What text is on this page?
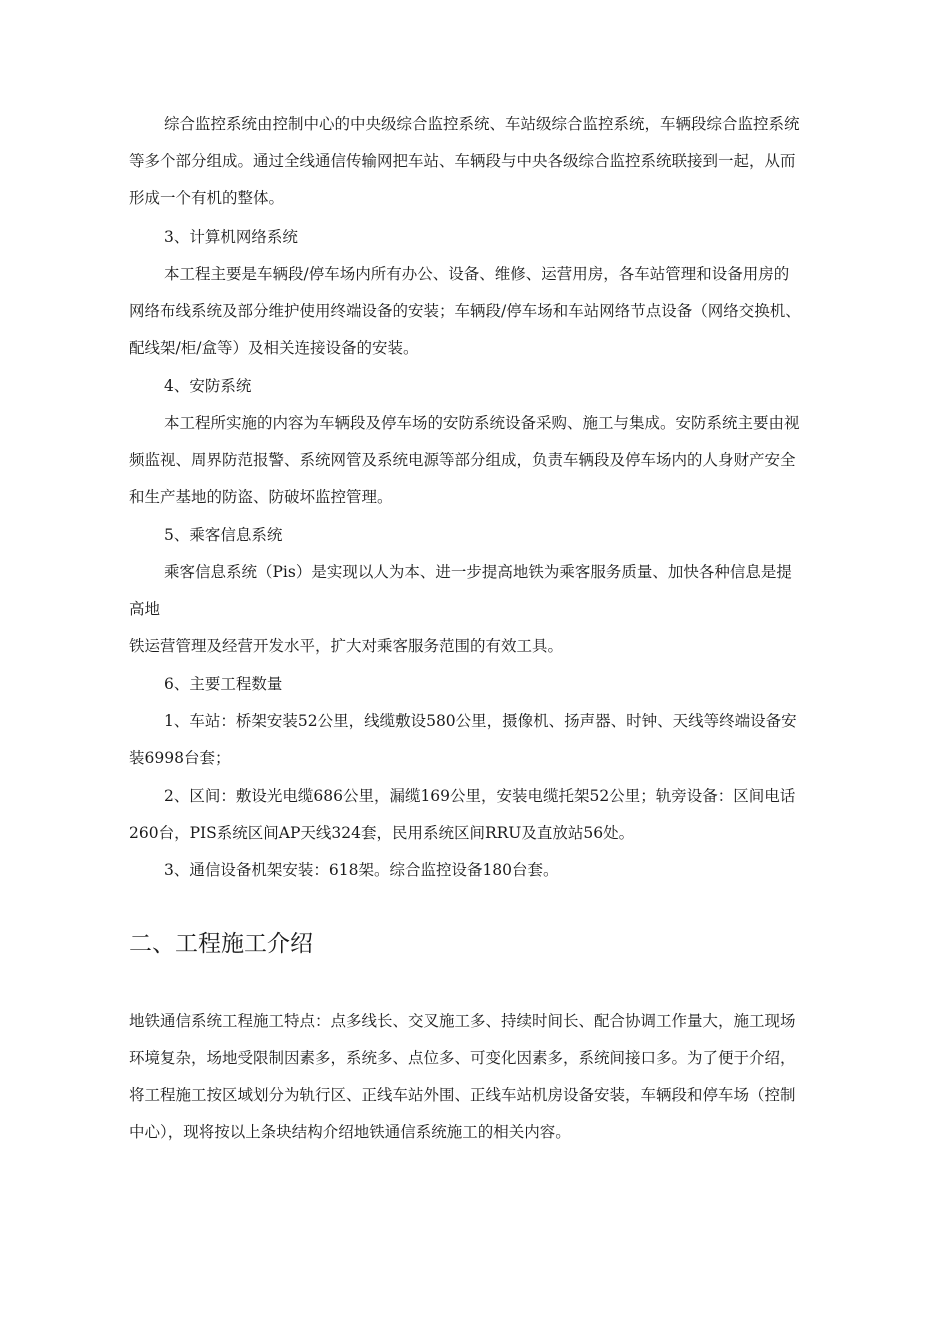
综合监控系统由控制中心的中央级综合监控系统、车站级综合监控系统，车辆段综合监控系统

等多个部分组成。通过全线通信传输网把车站、车辆段与中央各级综合监控系统联接到一起，从而

形成一个有机的整体。

3、计算机网络系统

本工程主要是车辆段/停车场内所有办公、设备、维修、运营用房，各车站管理和设备用房的

网络布线系统及部分维护使用终端设备的安装；车辆段/停车场和车站网络节点设备（网络交换机、

配线架/柜/盒等）及相关连接设备的安装。

4、安防系统

本工程所实施的内容为车辆段及停车场的安防系统设备采购、施工与集成。安防系统主要由视

频监视、周界防范报警、系统网管及系统电源等部分组成，负责车辆段及停车场内的人身财产安全

和生产基地的防盗、防破坏监控管理。

5、乘客信息系统

乘客信息系统（Pis）是实现以人为本、进一步提高地铁为乘客服务质量、加快各种信息是提

高地

铁运营管理及经营开发水平，扩大对乘客服务范围的有效工具。

6、主要工程数量

1、车站：桥架安装52公里，线缆敷设580公里，摄像机、扬声器、时钟、天线等终端设备安

装6998台套；

2、区间：敷设光电缆686公里，漏缆169公里，安装电缆托架52公里；轨旁设备：区间电话

260台，PIS系统区间AP天线324套，民用系统区间RRU及直放站56处。

3、通信设备机架安装：618架。综合监控设备180台套。

二、工程施工介绍

地铁通信系统工程施工特点：点多线长、交叉施工多、持续时间长、配合协调工作量大，施工现场

环境复杂，场地受限制因素多，系统多、点位多、可变化因素多，系统间接口多。为了便于介绍，

将工程施工按区域划分为轨行区、正线车站外围、正线车站机房设备安装，车辆段和停车场（控制

中心），现将按以上条块结构介绍地铁通信系统施工的相关内容。
